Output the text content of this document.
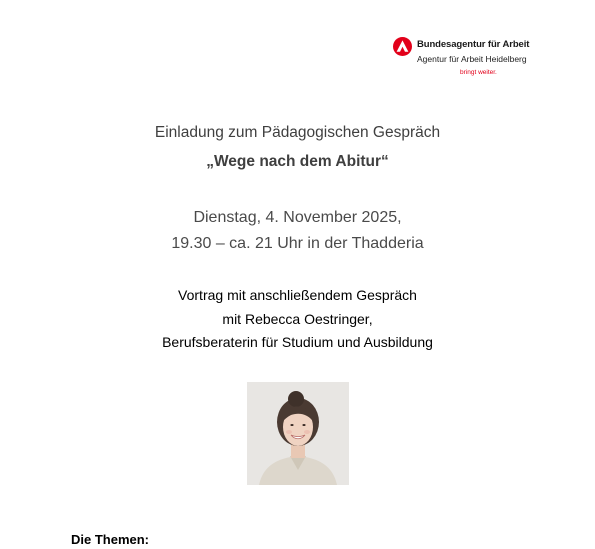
Bundesagentur für Arbeit
Agentur für Arbeit Heidelberg
bringt weiter.
Einladung zum Pädagogischen Gespräch
„Wege nach dem Abitur“
Dienstag, 4. November 2025,
19.30 – ca. 21 Uhr in der Thadderia
Vortrag mit anschließendem Gespräch
mit Rebecca Oestringer,
Berufsberaterin für Studium und Ausbildung
Die Themen:
